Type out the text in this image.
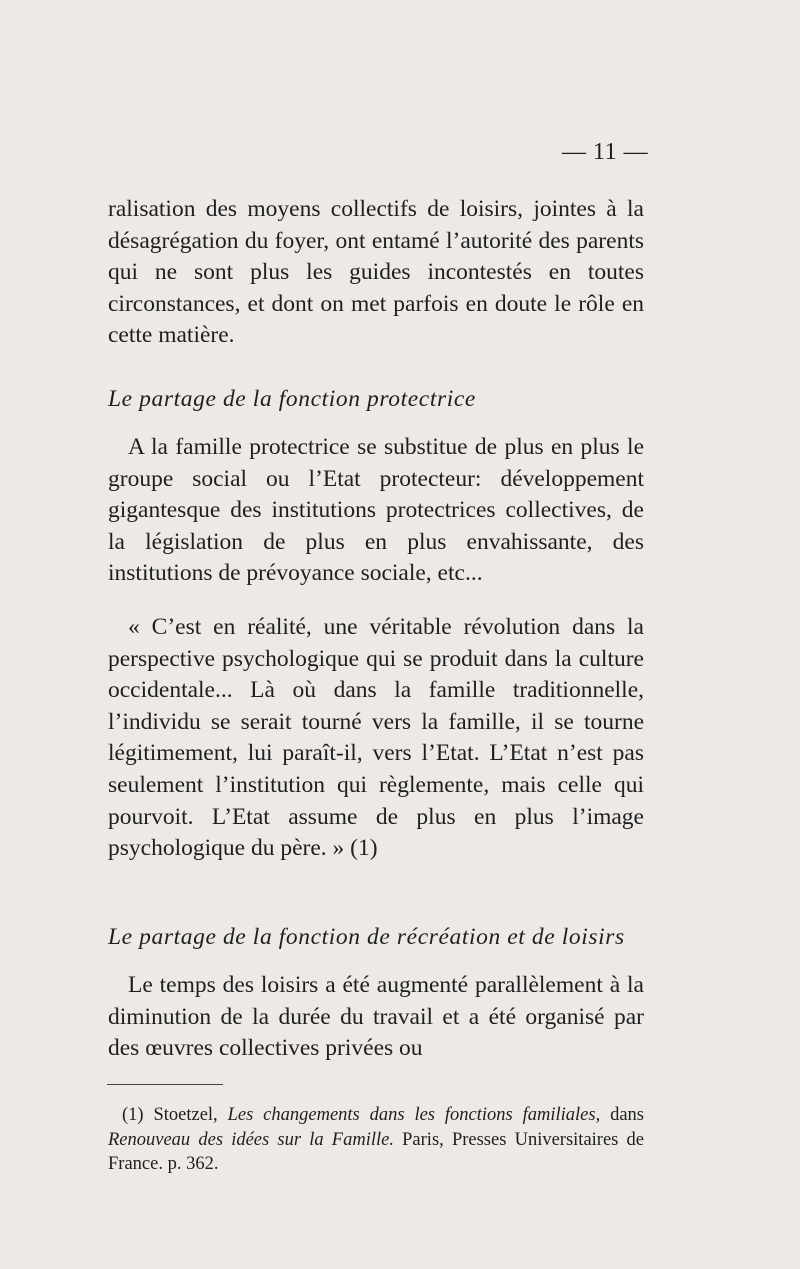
— 11 —

ralisation des moyens collectifs de loisirs, jointes à la désagrégation du foyer, ont entamé l’autorité des parents qui ne sont plus les guides incontestés en toutes circonstances, et dont on met parfois en doute le rôle en cette matière.

Le partage de la fonction protectrice

A la famille protectrice se substitue de plus en plus le groupe social ou l’Etat protecteur: développement gigantesque des institutions protectrices collectives, de la législation de plus en plus envahissante, des institutions de prévoyance sociale, etc...

« C’est en réalité, une véritable révolution dans la perspective psychologique qui se produit dans la culture occidentale... Là où dans la famille traditionnelle, l’individu se serait tourné vers la famille, il se tourne légitimement, lui paraît-il, vers l’Etat. L’Etat n’est pas seulement l’institution qui règlemente, mais celle qui pourvoit. L’Etat assume de plus en plus l’image psychologique du père. » (1)

Le partage de la fonction de récréation et de loisirs

Le temps des loisirs a été augmenté parallèlement à la diminution de la durée du travail et a été organisé par des œuvres collectives privées ou

(1) Stoetzel, Les changements dans les fonctions familiales, dans Renouveau des idées sur la Famille. Paris, Presses Universitaires de France. p. 362.
